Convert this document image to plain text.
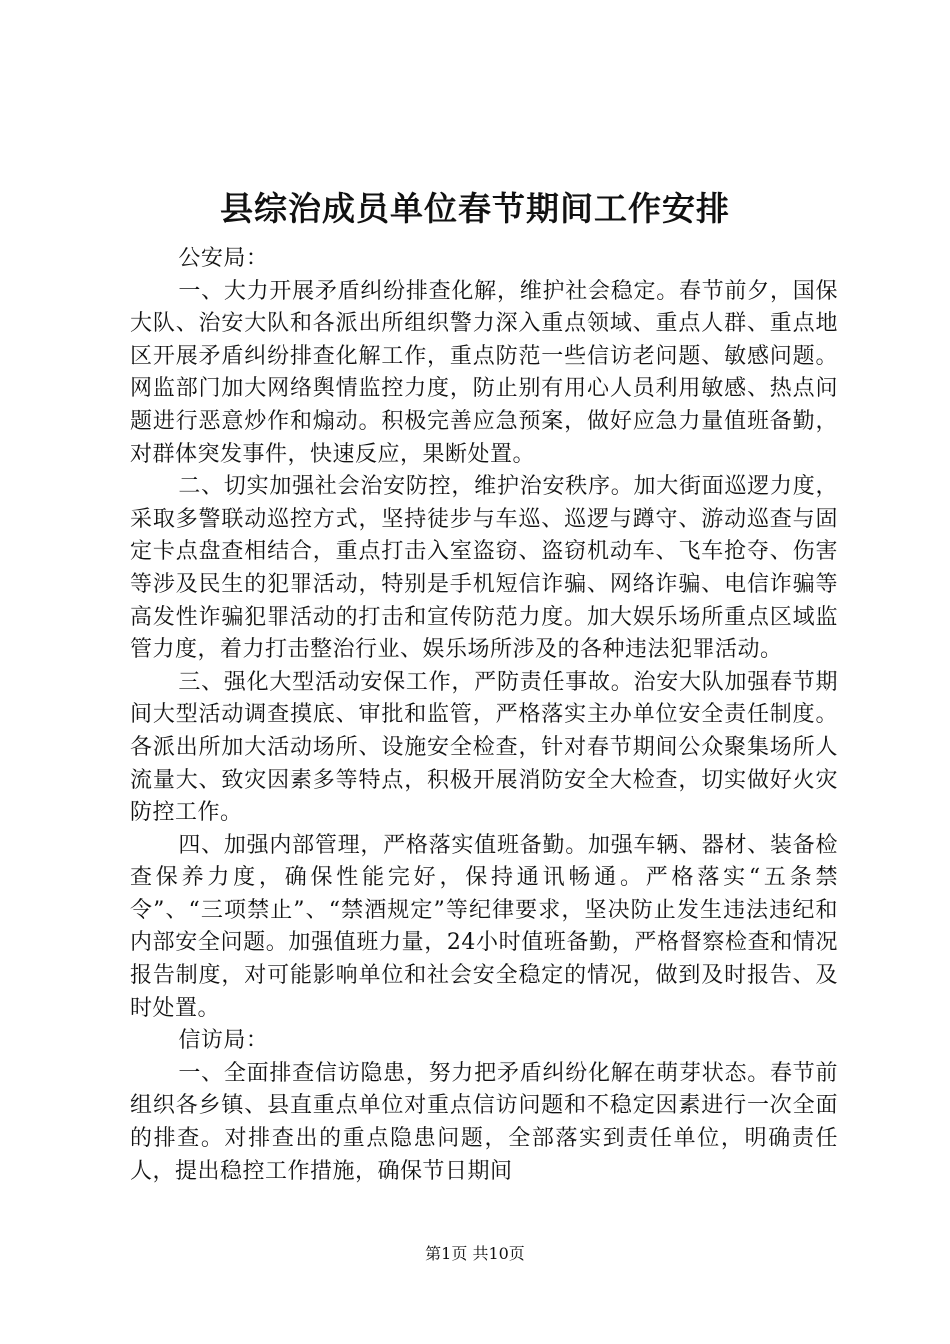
县综治成员单位春节期间工作安排

公安局：

一、大力开展矛盾纠纷排查化解，维护社会稳定。春节前夕，国保大队、治安大队和各派出所组织警力深入重点领域、重点人群、重点地区开展矛盾纠纷排查化解工作，重点防范一些信访老问题、敏感问题。网监部门加大网络舆情监控力度，防止别有用心人员利用敏感、热点问题进行恶意炒作和煽动。积极完善应急预案，做好应急力量值班备勤，对群体突发事件，快速反应，果断处置。

二、切实加强社会治安防控，维护治安秩序。加大街面巡逻力度，采取多警联动巡控方式，坚持徒步与车巡、巡逻与蹲守、游动巡查与固定卡点盘查相结合，重点打击入室盗窃、盗窃机动车、飞车抢夺、伤害等涉及民生的犯罪活动，特别是手机短信诈骗、网络诈骗、电信诈骗等高发性诈骗犯罪活动的打击和宣传防范力度。加大娱乐场所重点区域监管力度，着力打击整治行业、娱乐场所涉及的各种违法犯罪活动。

三、强化大型活动安保工作，严防责任事故。治安大队加强春节期间大型活动调查摸底、审批和监管，严格落实主办单位安全责任制度。各派出所加大活动场所、设施安全检查，针对春节期间公众聚集场所人流量大、致灾因素多等特点，积极开展消防安全大检查，切实做好火灾防控工作。

四、加强内部管理，严格落实值班备勤。加强车辆、器材、装备检查保养力度，确保性能完好，保持通讯畅通。严格落实“五条禁令”、“三项禁止”、“禁酒规定”等纪律要求，坚决防止发生违法违纪和内部安全问题。加强值班力量，24小时值班备勤，严格督察检查和情况报告制度，对可能影响单位和社会安全稳定的情况，做到及时报告、及时处置。

信访局：

一、全面排查信访隐患，努力把矛盾纠纷化解在萌芽状态。春节前组织各乡镇、县直重点单位对重点信访问题和不稳定因素进行一次全面的排查。对排查出的重点隐患问题，全部落实到责任单位，明确责任人，提出稳控工作措施，确保节日期间

第1页 共10页
